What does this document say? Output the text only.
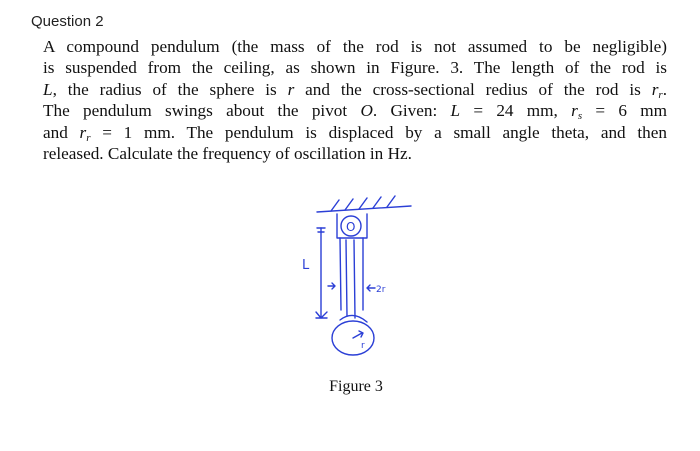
Question 2
A compound pendulum (the mass of the rod is not assumed to be negligible)
is suspended from the ceiling, as shown in Figure. 3. The length of the rod is
L, the radius of the sphere is r and the cross-sectional redius of the rod is $r_r$.
The pendulum swings about the pivot O. Given: L = 24 mm, $r_s = 6$ mm
and $r_r = 1$ mm. The pendulum is displaced by a small angle theta, and then
released. Calculate the frequency of oscillation in Hz.
O
r
L
2r
Figure 3
